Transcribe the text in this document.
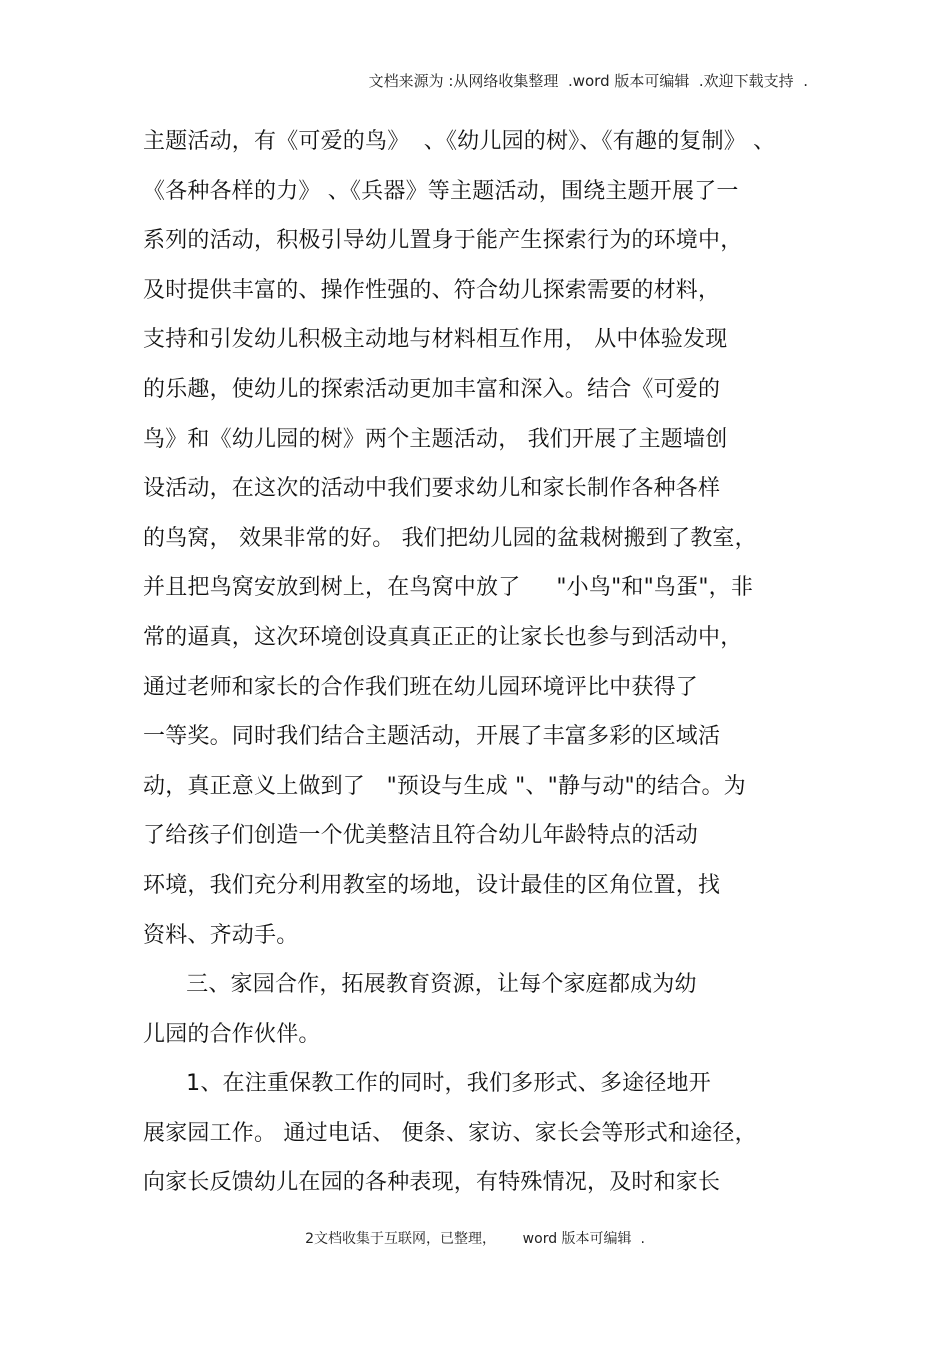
文档来源为 :从网络收集整理  .word 版本可编辑  .欢迎下载支持  .
主题活动，有《可爱的鸟》  、《幼儿园的树》、《有趣的复制》 、
《各种各样的力》 、《兵器》等主题活动，围绕主题开展了一
系列的活动，积极引导幼儿置身于能产生探索行为的环境中，
及时提供丰富的、操作性强的、符合幼儿探索需要的材料，
支持和引发幼儿积极主动地与材料相互作用， 从中体验发现
的乐趣，使幼儿的探索活动更加丰富和深入。结合《可爱的
鸟》和《幼儿园的树》两个主题活动， 我们开展了主题墙创
设活动，在这次的活动中我们要求幼儿和家长制作各种各样
的鸟窝， 效果非常的好。 我们把幼儿园的盆栽树搬到了教室，
并且把鸟窝安放到树上，在鸟窝中放了     "小鸟"和"鸟蛋"，非
常的逼真，这次环境创设真真正正的让家长也参与到活动中，
通过老师和家长的合作我们班在幼儿园环境评比中获得了
一等奖。同时我们结合主题活动，开展了丰富多彩的区域活
动，真正意义上做到了   "预设与生成 "、"静与动"的结合。为
了给孩子们创造一个优美整洁且符合幼儿年龄特点的活动
环境，我们充分利用教室的场地，设计最佳的区角位置，找
资料、齐动手。
三、家园合作，拓展教育资源，让每个家庭都成为幼
儿园的合作伙伴。
1、在注重保教工作的同时，我们多形式、多途径地开
展家园工作。 通过电话、 便条、家访、家长会等形式和途径，
向家长反馈幼儿在园的各种表现，有特殊情况，及时和家长
2文档收集于互联网，已整理，      word 版本可编辑  .
